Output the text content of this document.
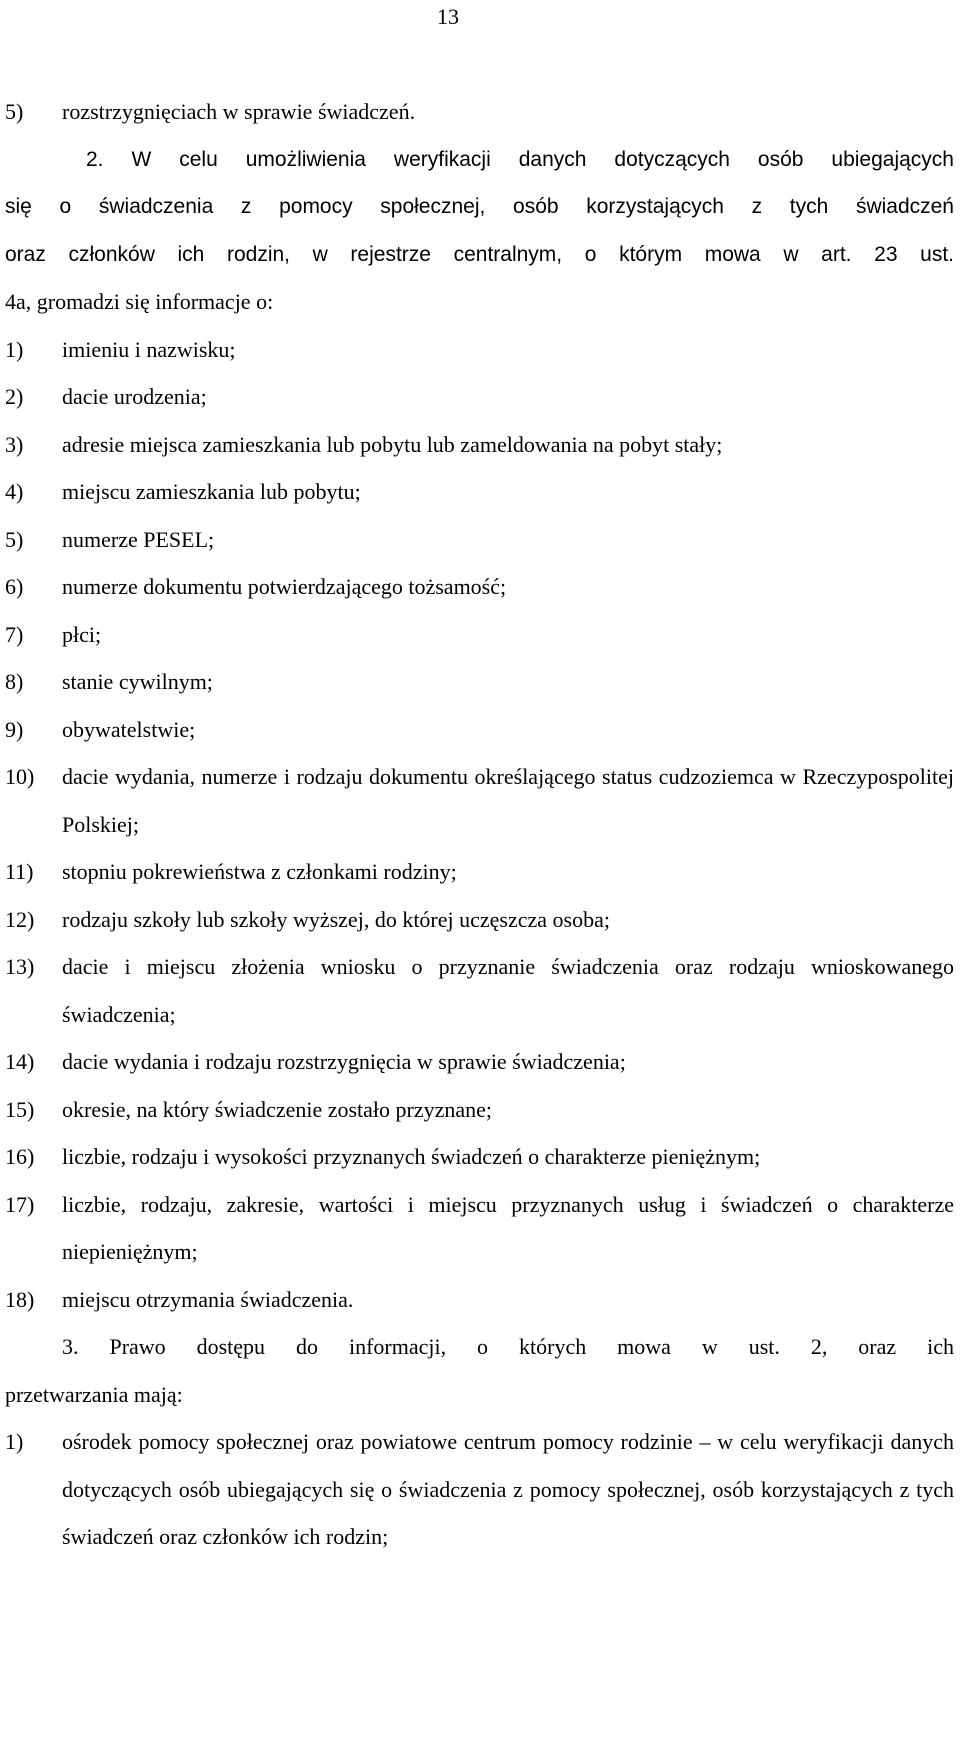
13
5)	rozstrzygnięciach w sprawie świadczeń.
2. W celu umożliwienia weryfikacji danych dotyczących osób ubiegających
się o świadczenia z pomocy społecznej, osób korzystających z tych świadczeń
oraz członków ich rodzin, w rejestrze centralnym, o którym mowa w art. 23 ust.
4a, gromadzi się informacje o:
1)	imieniu i nazwisku;
2)	dacie urodzenia;
3)	adresie miejsca zamieszkania lub pobytu lub zameldowania na pobyt stały;
4)	miejscu zamieszkania lub pobytu;
5)	numerze PESEL;
6)	numerze dokumentu potwierdzającego tożsamość;
7)	płci;
8)	stanie cywilnym;
9)	obywatelstwie;
10)	dacie wydania, numerze i rodzaju dokumentu określającego status cudzoziemca w Rzeczypospolitej Polskiej;
11)	stopniu pokrewieństwa z członkami rodziny;
12)	rodzaju szkoły lub szkoły wyższej, do której uczęszcza osoba;
13)	dacie i miejscu złożenia wniosku o przyznanie świadczenia oraz rodzaju wnioskowanego świadczenia;
14)	dacie wydania i rodzaju rozstrzygnięcia w sprawie świadczenia;
15)	okresie, na który świadczenie zostało przyznane;
16)	liczbie, rodzaju i wysokości przyznanych świadczeń o charakterze pieniężnym;
17)	liczbie, rodzaju, zakresie, wartości i miejscu przyznanych usług i świadczeń o charakterze niepieniężnym;
18)	miejscu otrzymania świadczenia.
3. Prawo dostępu do informacji, o których mowa w ust. 2, oraz ich
przetwarzania mają:
1)	ośrodek pomocy społecznej oraz powiatowe centrum pomocy rodzinie – w celu weryfikacji danych dotyczących osób ubiegających się o świadczenia z pomocy społecznej, osób korzystających z tych świadczeń oraz członków ich rodzin;
